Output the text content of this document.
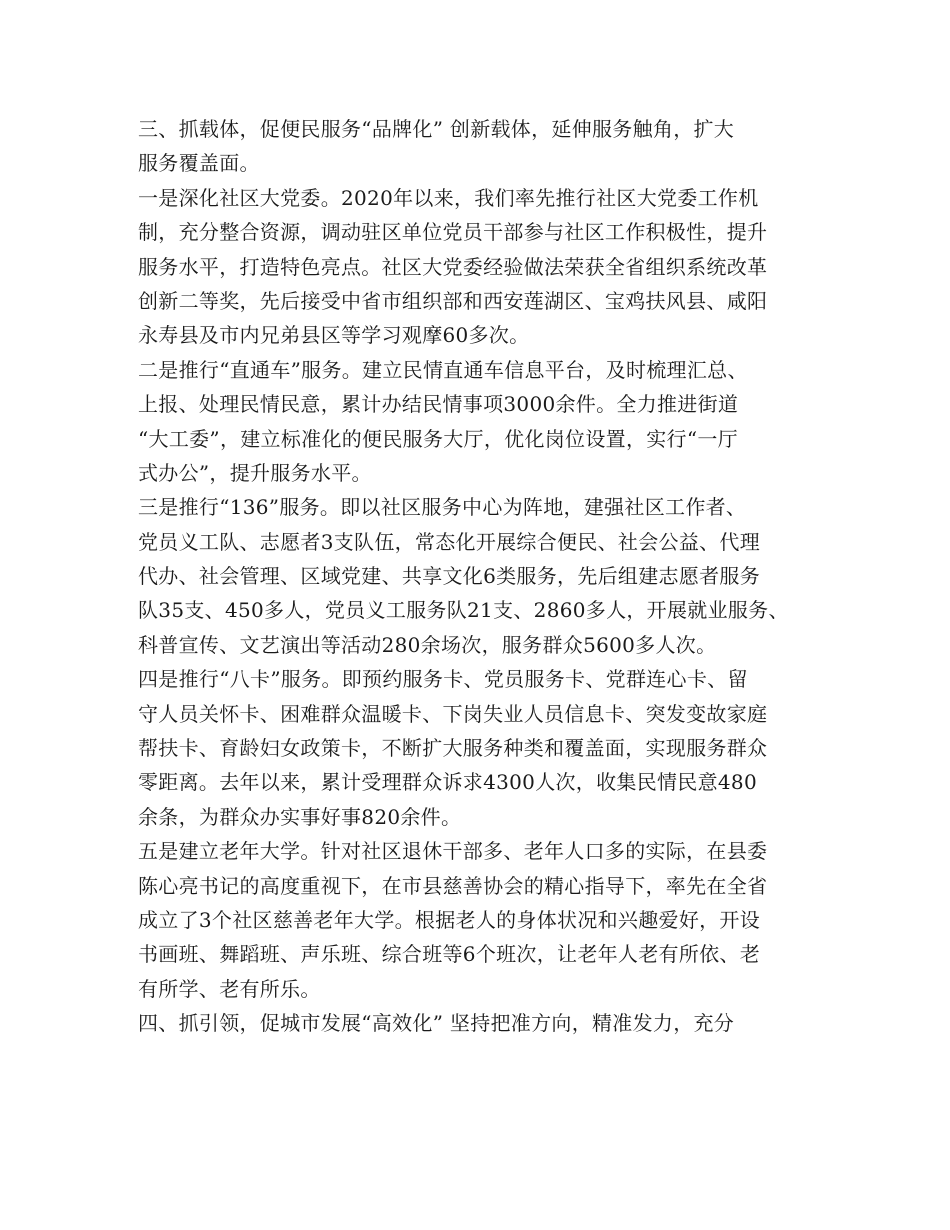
三、抓载体，促便民服务“品牌化” 创新载体，延伸服务触角，扩大
服务覆盖面。
一是深化社区大党委。2020年以来，我们率先推行社区大党委工作机
制，充分整合资源，调动驻区单位党员干部参与社区工作积极性，提升
服务水平，打造特色亮点。社区大党委经验做法荣获全省组织系统改革
创新二等奖，先后接受中省市组织部和西安莲湖区、宝鸡扶风县、咸阳
永寿县及市内兄弟县区等学习观摩60多次。
二是推行“直通车”服务。建立民情直通车信息平台，及时梳理汇总、
上报、处理民情民意，累计办结民情事项3000余件。全力推进街道
“大工委”，建立标准化的便民服务大厅，优化岗位设置，实行“一厅
式办公”，提升服务水平。
三是推行“136”服务。即以社区服务中心为阵地，建强社区工作者、
党员义工队、志愿者3支队伍，常态化开展综合便民、社会公益、代理
代办、社会管理、区域党建、共享文化6类服务，先后组建志愿者服务
队35支、450多人，党员义工服务队21支、2860多人，开展就业服务、
科普宣传、文艺演出等活动280余场次，服务群众5600多人次。
四是推行“八卡”服务。即预约服务卡、党员服务卡、党群连心卡、留
守人员关怀卡、困难群众温暖卡、下岗失业人员信息卡、突发变故家庭
帮扶卡、育龄妇女政策卡，不断扩大服务种类和覆盖面，实现服务群众
零距离。去年以来，累计受理群众诉求4300人次，收集民情民意480
余条，为群众办实事好事820余件。
五是建立老年大学。针对社区退休干部多、老年人口多的实际，在县委
陈心亮书记的高度重视下，在市县慈善协会的精心指导下，率先在全省
成立了3个社区慈善老年大学。根据老人的身体状况和兴趣爱好，开设
书画班、舞蹈班、声乐班、综合班等6个班次，让老年人老有所依、老
有所学、老有所乐。
四、抓引领，促城市发展“高效化” 坚持把准方向，精准发力，充分
